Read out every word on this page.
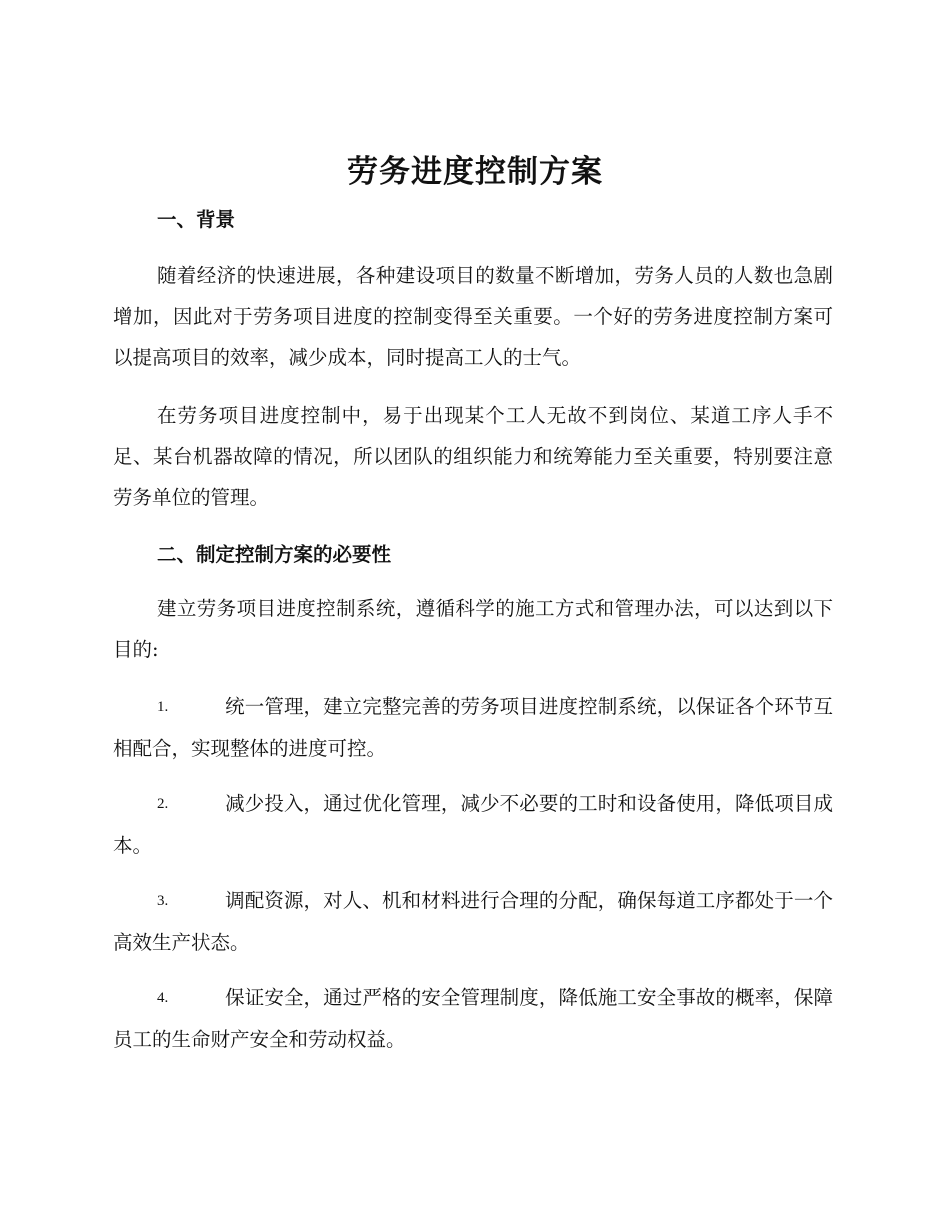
劳务进度控制方案
一、背景

随着经济的快速进展，各种建设项目的数量不断增加，劳务人员的人数也急剧增加，因此对于劳务项目进度的控制变得至关重要。一个好的劳务进度控制方案可以提高项目的效率，减少成本，同时提高工人的士气。

在劳务项目进度控制中，易于出现某个工人无故不到岗位、某道工序人手不足、某台机器故障的情况，所以团队的组织能力和统筹能力至关重要，特别要注意劳务单位的管理。

二、制定控制方案的必要性

建立劳务项目进度控制系统，遵循科学的施工方式和管理办法，可以达到以下目的:

1.	统一管理，建立完整完善的劳务项目进度控制系统，以保证各个环节互相配合，实现整体的进度可控。

2.	减少投入，通过优化管理，减少不必要的工时和设备使用，降低项目成本。

3.	调配资源，对人、机和材料进行合理的分配，确保每道工序都处于一个高效生产状态。

4.	保证安全，通过严格的安全管理制度，降低施工安全事故的概率，保障员工的生命财产安全和劳动权益。
